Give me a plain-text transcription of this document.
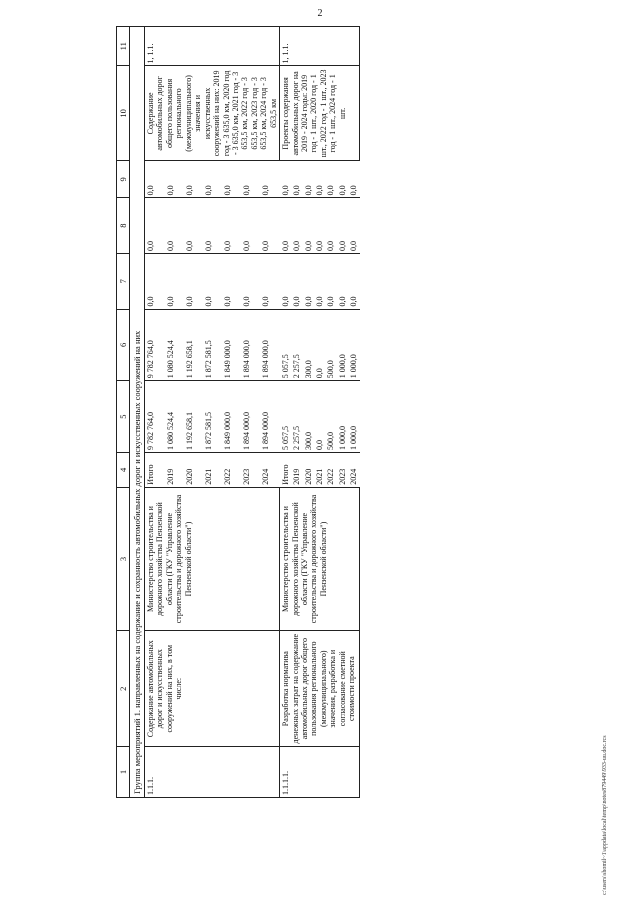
2
1	2	3	4	5	6	7	8	9	10	11
Группа мероприятий 1. направленных на содержание и сохранность автомобильных дорог и искусственных сооружений на них										
1.1.1.	Содержание автомобильных дорог и искусственных сооружений на них, в том числе:	Министерство строительства и дорожного хозяйства Пензенской области (ГКУ "Управление строительства и дорожного хозяйства Пензенской области")	Итого	9 782 764,0	9 782 764,0	0,0	0,0	0,0	Содержание автомобильных дорог общего пользования регионального (межмуниципального) значения и искусственных сооружений на них: 2019 год - 3 635,0 км, 2020 год - 3 635,0 км, 2021 год - 3 653,5 км, 2022 год - 3 653,5 км, 2023 год - 3 653,5 км, 2024 год - 3 653,5 км	1, 1.1.
			2019	1 080 524,4	1 080 524,4	0,0	0,0	0,0		
			2020	1 192 658,1	1 192 658,1	0,0	0,0	0,0		
			2021	1 872 581,5	1 872 581,5	0,0	0,0	0,0		
			2022	1 849 000,0	1 849 000,0	0,0	0,0	0,0		
			2023	1 894 000,0	1 894 000,0	0,0	0,0	0,0		
			2024	1 894 000,0	1 894 000,0	0,0	0,0	0,0		
1.1.1.1.	Разработка норматива денежных затрат на содержание автомобильных дорог общего пользования регионального (межмуниципального) значения, разработка и согласование сметной стоимости проекта	Министерство строительства и дорожного хозяйства Пензенской области (ГКУ "Управление строительства и дорожного хозяйства Пензенской области")	Итого	5 057,5	5 057,5	0,0	0,0	0,0	Проекты содержания автомобильных дорог на 2019 - 2024 годы: 2019 год - 1 шт., 2020 год - 1 шт., 2022 год - 1 шт., 2023 год - 1 шт., 2024 год - 1 шт.	1, 1.1.
			2019	2 257,5	2 257,5	0,0	0,0	0,0		
			2020	300,0	300,0	0,0	0,0	0,0		
			2021	0,0	0,0	0,0	0,0	0,0		
			2022	500,0	500,0	0,0	0,0	0,0		
			2023	1 000,0	1 000,0	0,0	0,0	0,0		
			2024	1 000,0	1 000,0	0,0	0,0	0,0		
c:\users\shomil~1\appdata\local\temp\notes879449\933-uu.doc.rcs
